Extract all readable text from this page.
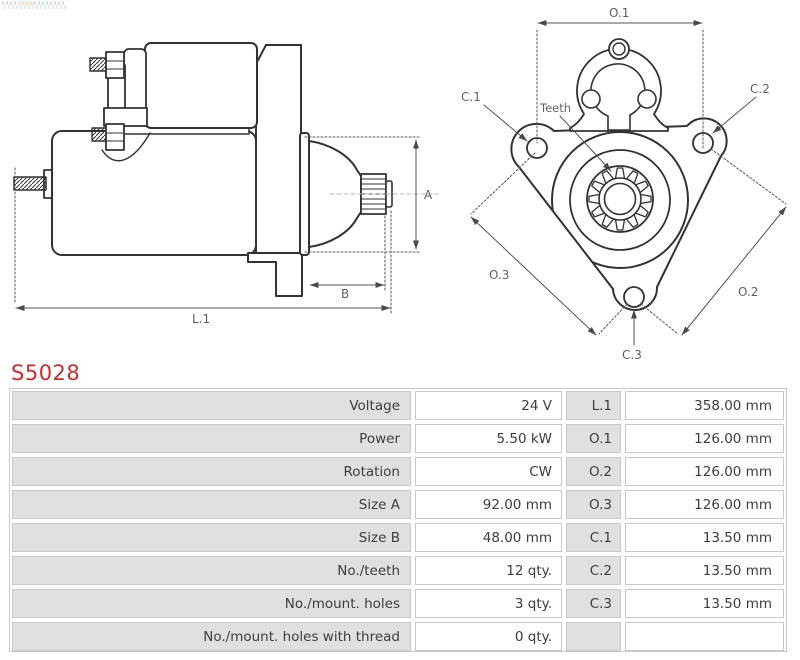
A
B
L.1
O.1
C.1
C.2
Teeth
O.3
O.2
C.3
S5028
Voltage	24 V	L.1	358.00 mm
Power	5.50 kW	O.1	126.00 mm
Rotation	CW	O.2	126.00 mm
Size A	92.00 mm	O.3	126.00 mm
Size B	48.00 mm	C.1	13.50 mm
No./teeth	12 qty.	C.2	13.50 mm
No./mount. holes	3 qty.	C.3	13.50 mm
No./mount. holes with thread	0 qty.
